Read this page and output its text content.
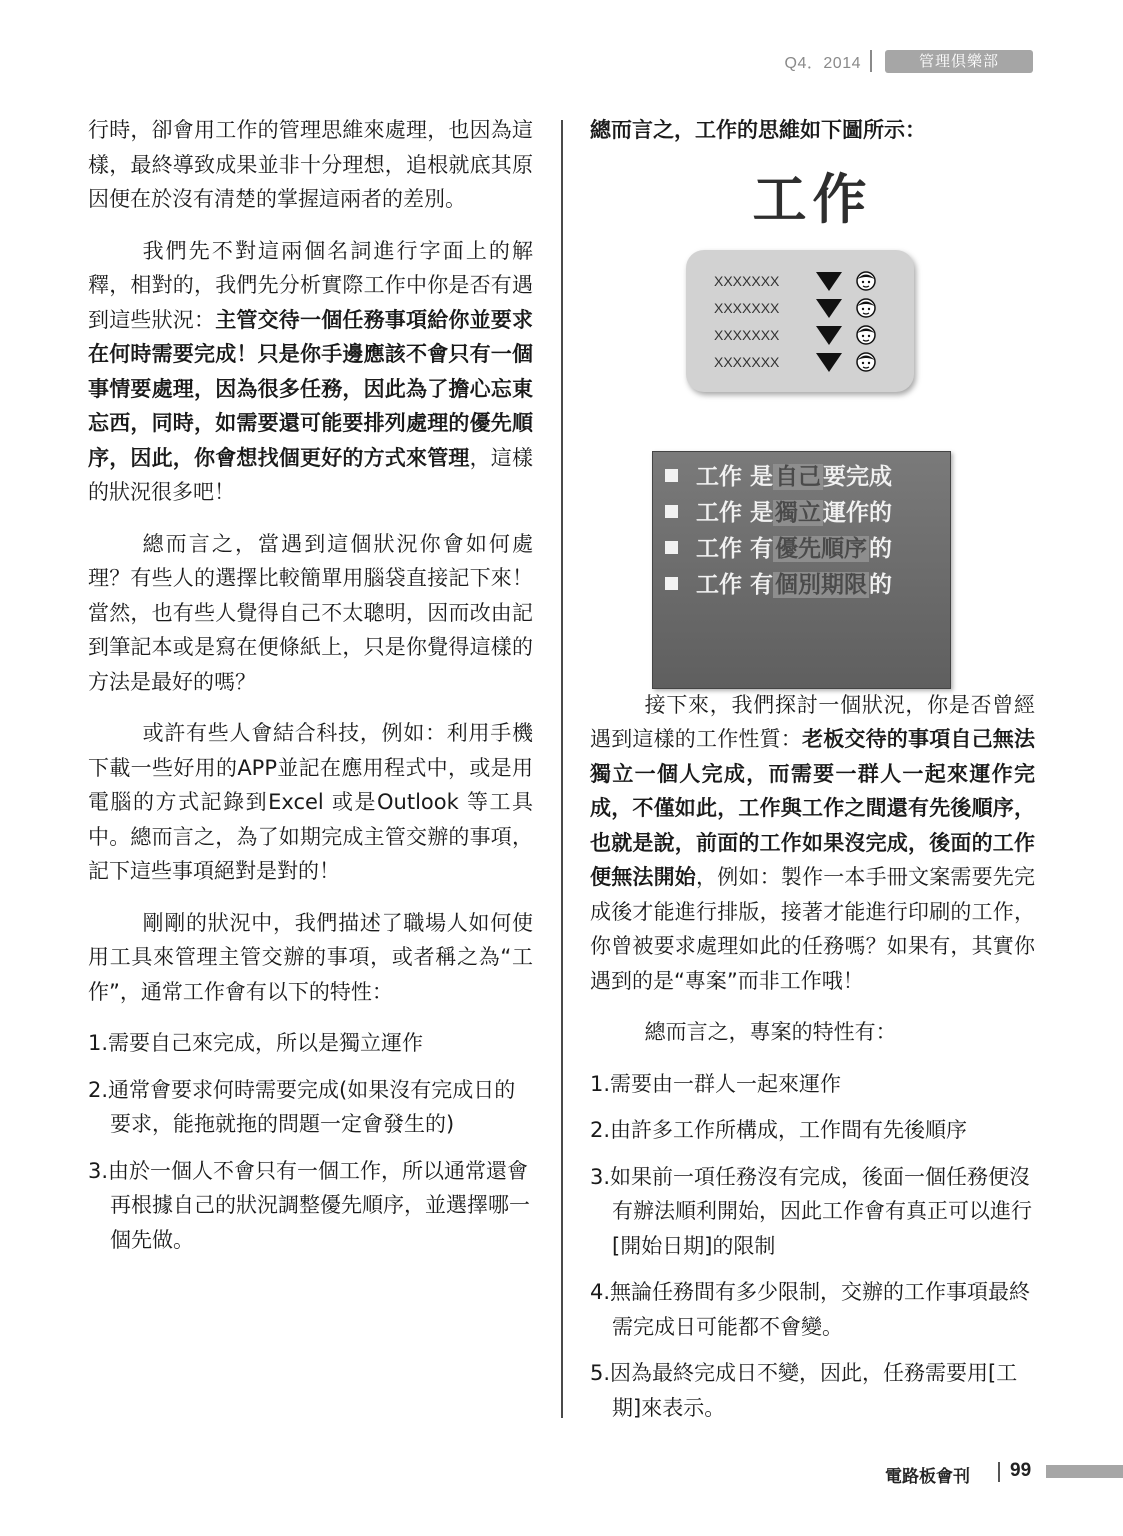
Q4．2014	管理俱樂部

行時，卻會用工作的管理思維來處理，也因為這樣，最終導致成果並非十分理想，追根就底其原因便在於沒有清楚的掌握這兩者的差別。

我們先不對這兩個名詞進行字面上的解釋，相對的，我們先分析實際工作中你是否有遇到這些狀況：主管交待一個任務事項給你並要求在何時需要完成！只是你手邊應該不會只有一個事情要處理，因為很多任務，因此為了擔心忘東忘西，同時，如需要還可能要排列處理的優先順序，因此，你會想找個更好的方式來管理，這樣的狀況很多吧！

總而言之，當遇到這個狀況你會如何處理？有些人的選擇比較簡單用腦袋直接記下來！當然，也有些人覺得自己不太聰明，因而改由記到筆記本或是寫在便條紙上，只是你覺得這樣的方法是最好的嗎？

或許有些人會結合科技，例如：利用手機下載一些好用的APP並記在應用程式中，或是用電腦的方式記錄到Excel 或是Outlook 等工具中。總而言之，為了如期完成主管交辦的事項，記下這些事項絕對是對的！

剛剛的狀況中，我們描述了職場人如何使用工具來管理主管交辦的事項，或者稱之為“工作”，通常工作會有以下的特性：

1.需要自己來完成，所以是獨立運作
2.通常會要求何時需要完成(如果沒有完成日的要求，能拖就拖的問題一定會發生的)
3.由於一個人不會只有一個工作，所以通常還會再根據自己的狀況調整優先順序，並選擇哪一個先做。

總而言之，工作的思維如下圖所示：

工作
XXXXXXX
XXXXXXX
XXXXXXX
XXXXXXX
工作 是自己要完成
工作 是獨立運作的
工作 有優先順序的
工作 有個別期限的

接下來，我們探討一個狀況，你是否曾經遇到這樣的工作性質：老板交待的事項自己無法獨立一個人完成，而需要一群人一起來運作完成，不僅如此，工作與工作之間還有先後順序，也就是說，前面的工作如果沒完成，後面的工作便無法開始，例如：製作一本手冊文案需要先完成後才能進行排版，接著才能進行印刷的工作，你曾被要求處理如此的任務嗎？如果有，其實你遇到的是“專案”而非工作哦！

總而言之，專案的特性有：

1.需要由一群人一起來運作
2.由許多工作所構成，工作間有先後順序
3.如果前一項任務沒有完成，後面一個任務便沒有辦法順利開始，因此工作會有真正可以進行[開始日期]的限制
4.無論任務間有多少限制，交辦的工作事項最終需完成日可能都不會變。
5.因為最終完成日不變，因此，任務需要用[工期]來表示。
電路板會刊 99
